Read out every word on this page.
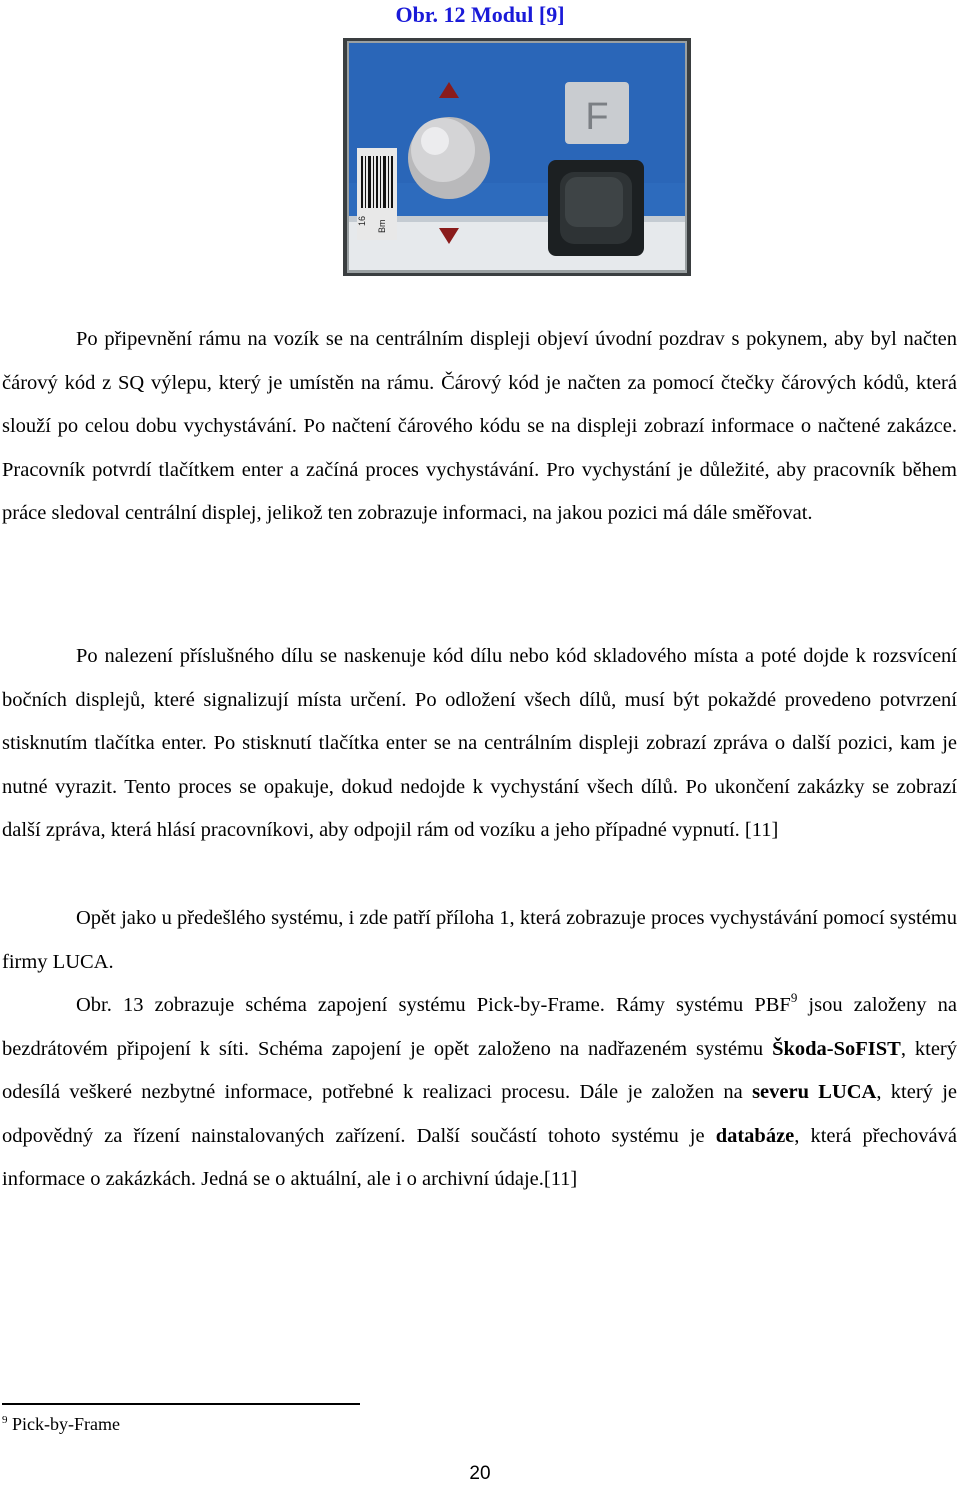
Obr. 12 Modul [9]
16 Bm
F

Po připevnění rámu na vozík se na centrálním displeji objeví úvodní pozdrav s pokynem, aby byl načten čárový kód z SQ výlepu, který je umístěn na rámu. Čárový kód je načten za pomocí čtečky čárových kódů, která slouží po celou dobu vychystávání. Po načtení čárového kódu se na displeji zobrazí informace o načtené zakázce. Pracovník potvrdí tlačítkem enter a začíná proces vychystávání. Pro vychystání je důležité, aby pracovník během práce sledoval centrální displej, jelikož ten zobrazuje informaci, na jakou pozici má dále směřovat.

Po nalezení příslušného dílu se naskenuje kód dílu nebo kód skladového místa a poté dojde k rozsvícení bočních displejů, které signalizují místa určení. Po odložení všech dílů, musí být pokaždé provedeno potvrzení stisknutím tlačítka enter. Po stisknutí tlačítka enter se na centrálním displeji zobrazí zpráva o další pozici, kam je nutné vyrazit. Tento proces se opakuje, dokud nedojde k vychystání všech dílů. Po ukončení zakázky se zobrazí další zpráva, která hlásí pracovníkovi, aby odpojil rám od vozíku a jeho případné vypnutí. [11]

Opět jako u předešlého systému, i zde patří příloha 1, která zobrazuje proces vychystávání pomocí systému firmy LUCA.

Obr. 13 zobrazuje schéma zapojení systému Pick-by-Frame. Rámy systému PBF$^9$ jsou založeny na bezdrátovém připojení k síti. Schéma zapojení je opět založeno na nadřazeném systému Škoda-SoFIST, který odesílá veškeré nezbytné informace, potřebné k realizaci procesu. Dále je založen na severu LUCA, který je odpovědný za řízení nainstalovaných zařízení. Další součástí tohoto systému je databáze, která přechovává informace o zakázkách. Jedná se o aktuální, ale i o archivní údaje.[11]

$^9$ Pick-by-Frame
20
